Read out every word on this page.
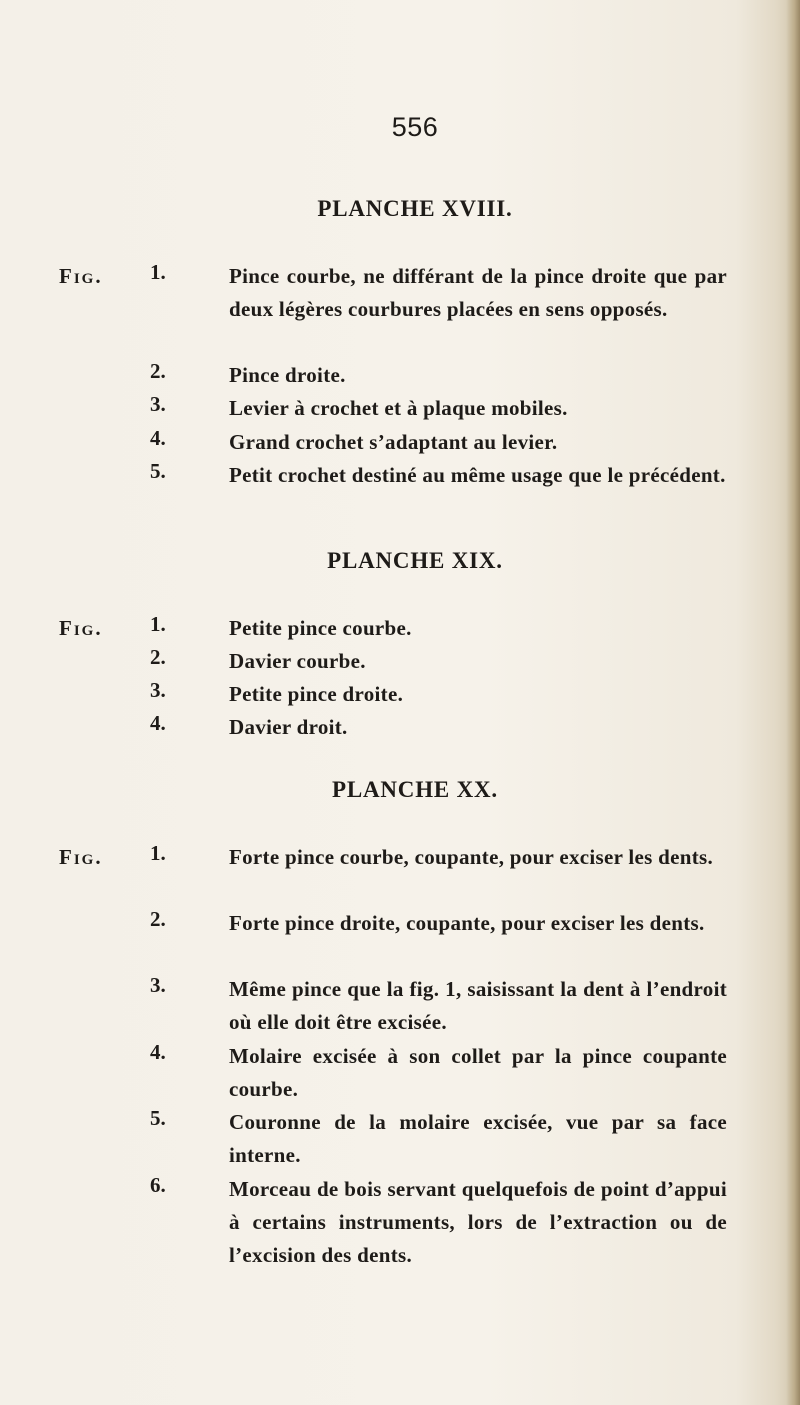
556
PLANCHE XVIII.
Fig. 1.	Pince courbe, ne différant de la pince droite que par deux légères courbures placées en sens opposés.
2.	Pince droite.
3.	Levier à crochet et à plaque mobiles.
4.	Grand crochet s’adaptant au levier.
5.	Petit crochet destiné au même usage que le précédent.
PLANCHE XIX.
Fig. 1.	Petite pince courbe.
2.	Davier courbe.
3.	Petite pince droite.
4.	Davier droit.
PLANCHE XX.
Fig. 1.	Forte pince courbe, coupante, pour exciser les dents.
2.	Forte pince droite, coupante, pour exciser les dents.
3.	Même pince que la fig. 1, saisissant la dent à l’endroit où elle doit être excisée.
4.	Molaire excisée à son collet par la pince coupante courbe.
5.	Couronne de la molaire excisée, vue par sa face interne.
6.	Morceau de bois servant quelquefois de point d’appui à certains instruments, lors de l’extraction ou de l’excision des dents.
